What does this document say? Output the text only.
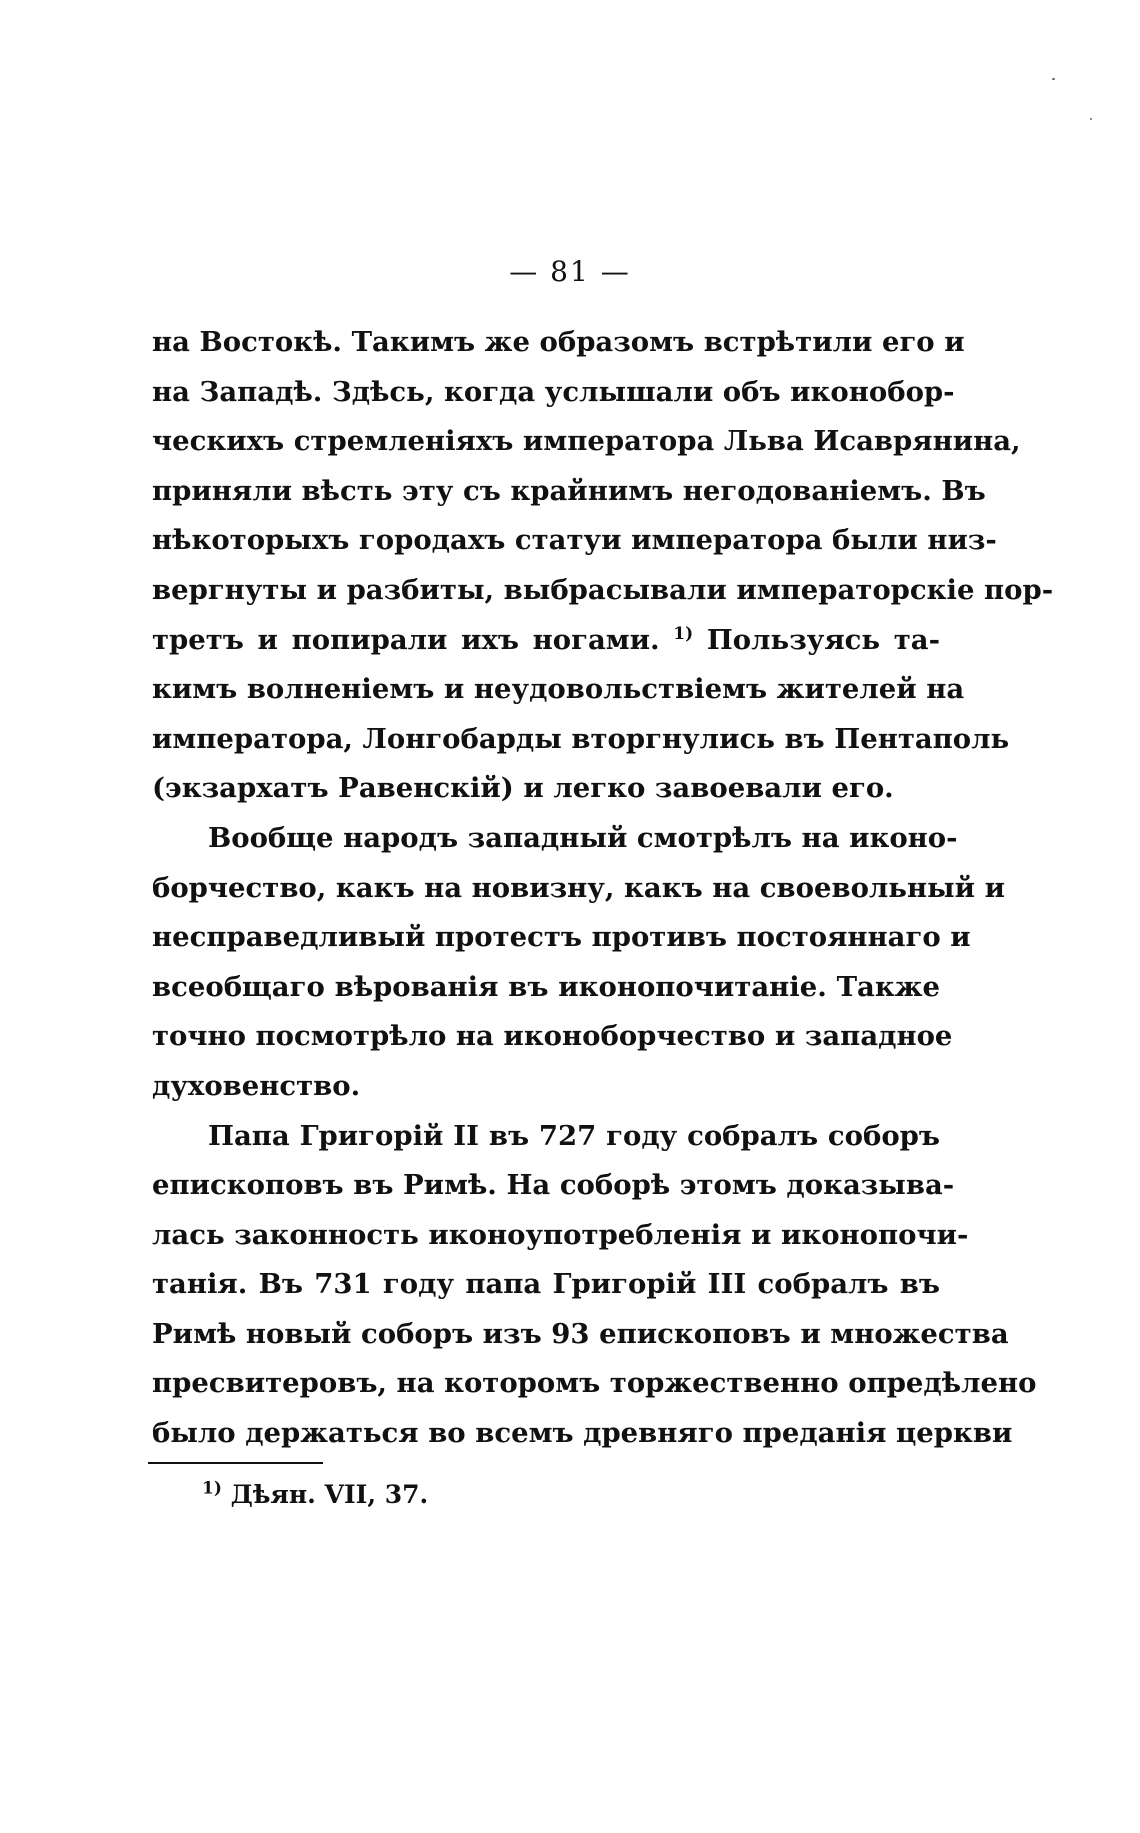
— 81 —
на Востокѣ. Такимъ же образомъ встрѣтили его и
на Западѣ. Здѣсь, когда услышали объ иконобор-
ческихъ стремленіяхъ императора Льва Исаврянина,
приняли вѣсть эту съ крайнимъ негодованіемъ. Въ
нѣкоторыхъ городахъ статуи императора были низ-
вергнуты и разбиты, выбрасывали императорскіе пор-
третъ и попирали ихъ ногами. $^{1)}$ Пользуясь та-
кимъ волненіемъ и неудовольствіемъ жителей на
императора, Лонгобарды вторгнулись въ Пентаполь
(экзархатъ Равенскій) и легко завоевали его.
Вообще народъ западный смотрѣлъ на иконо-
борчество, какъ на новизну, какъ на своевольный и
несправедливый протестъ противъ постояннаго и
всеобщаго вѣрованія въ иконопочитаніе. Также
точно посмотрѣло на иконоборчество и западное
духовенство.
Папа Григорій II въ 727 году собралъ соборъ
епископовъ въ Римѣ. На соборѣ этомъ доказыва-
лась законность иконоупотребленія и иконопочи-
танія. Въ 731 году папа Григорій III собралъ въ
Римѣ новый соборъ изъ 93 епископовъ и множества
пресвитеровъ, на которомъ торжественно опредѣлено
было держаться во всемъ древняго преданія церкви
$^{1)}$ Дѣян. VII, 37.
